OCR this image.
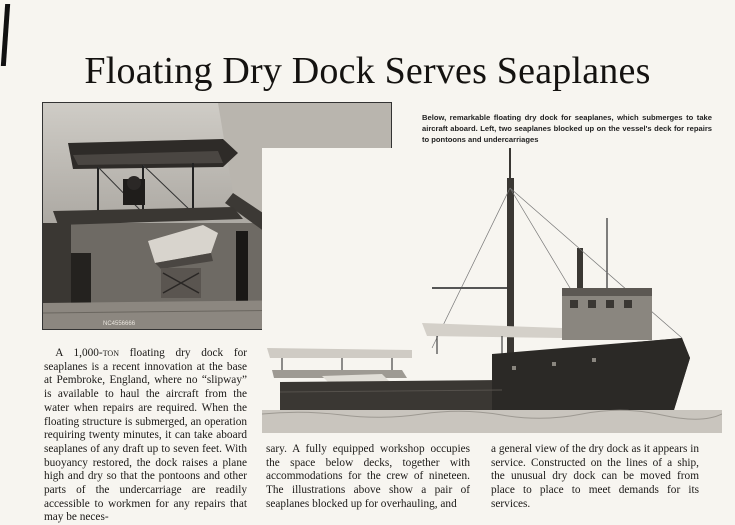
Floating Dry Dock Serves Seaplanes
NC4556666

Below, remarkable floating dry dock for seaplanes, which submerges to take aircraft aboard. Left, two seaplanes blocked up on the vessel's deck for repairs to pontoons and undercarriages

 A 1,000-ton floating dry dock for seaplanes is a recent innovation at the base at Pembroke, England, where no “slipway” is available to haul the aircraft from the water when repairs are required. When the floating structure is submerged, an operation requiring twenty minutes, it can take aboard seaplanes of any draft up to seven feet. With buoyancy restored, the dock raises a plane high and dry so that the pontoons and other parts of the undercarriage are readily accessible to workmen for any repairs that may be neces-

sary. A fully equipped workshop occupies the space below decks, together with accommodations for the crew of nineteen. The illustrations above show a pair of seaplanes blocked up for overhauling, and

a general view of the dry dock as it appears in service. Constructed on the lines of a ship, the unusual dry dock can be moved from place to place to meet demands for its services.
